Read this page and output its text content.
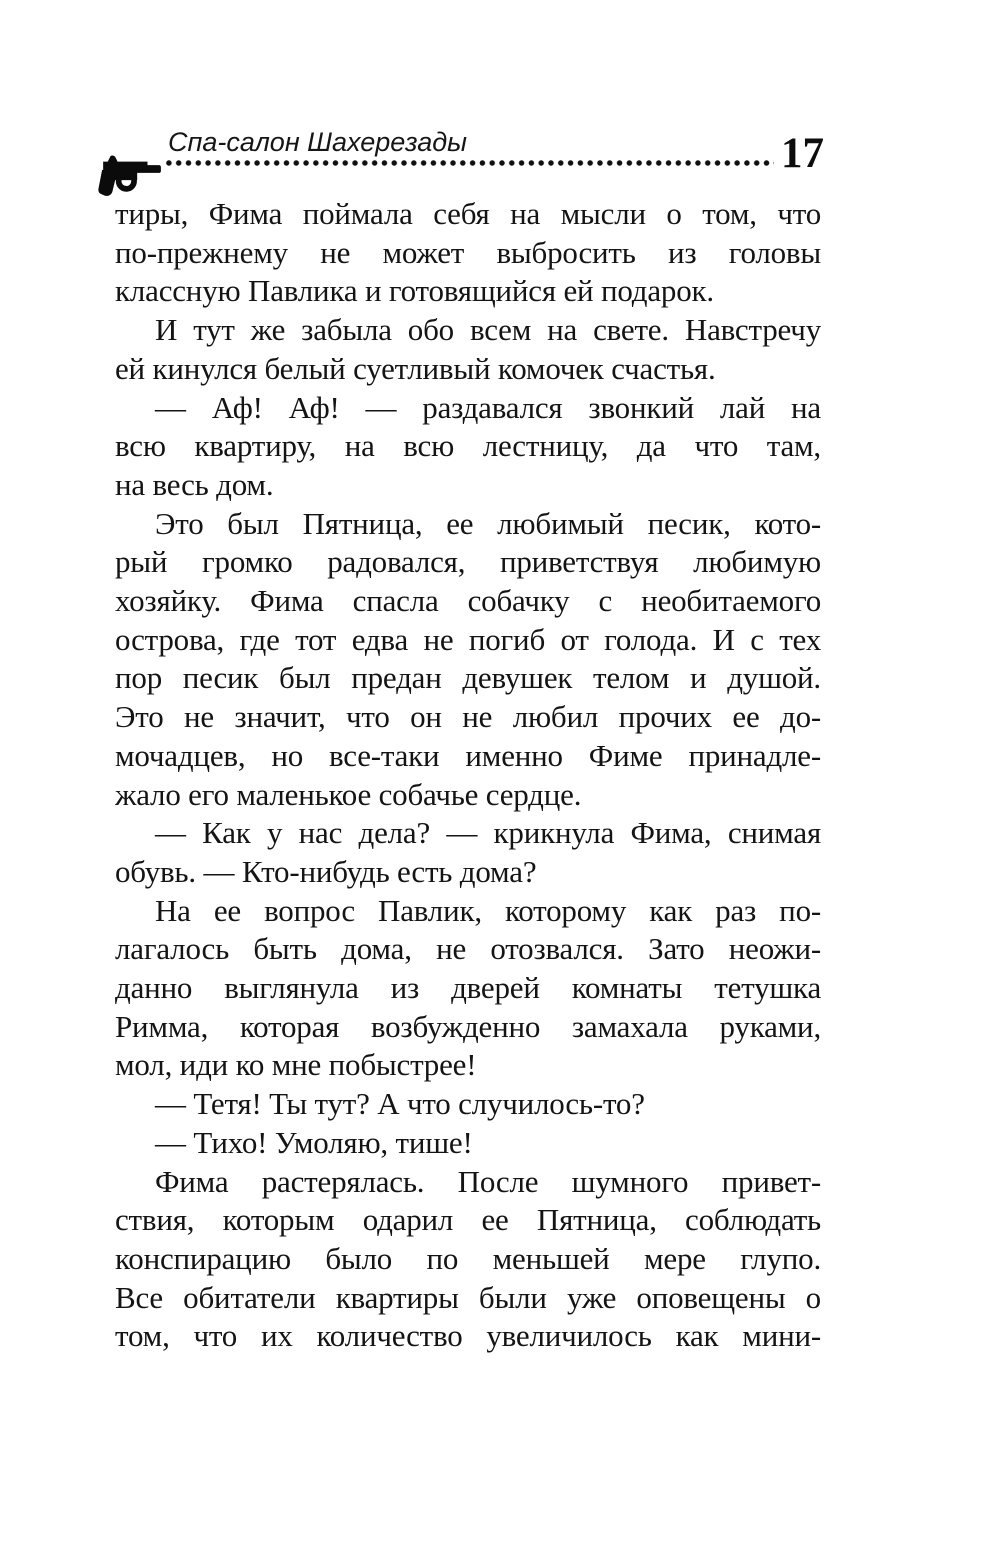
Спа-салон Шахерезады	17
тиры, Фима поймала себя на мысли о том, что
по-прежнему не может выбросить из головы
классную Павлика и готовящийся ей подарок.
И тут же забыла обо всем на свете. Навстречу
ей кинулся белый суетливый комочек счастья.
— Аф! Аф! — раздавался звонкий лай на
всю квартиру, на всю лестницу, да что там,
на весь дом.
Это был Пятница, ее любимый песик, кото-
рый громко радовался, приветствуя любимую
хозяйку. Фима спасла собачку с необитаемого
острова, где тот едва не погиб от голода. И с тех
пор песик был предан девушек телом и душой.
Это не значит, что он не любил прочих ее до-
мочадцев, но все-таки именно Фиме принадле-
жало его маленькое собачье сердце.
— Как у нас дела? — крикнула Фима, снимая
обувь. — Кто-нибудь есть дома?
На ее вопрос Павлик, которому как раз по-
лагалось быть дома, не отозвался. Зато неожи-
данно выглянула из дверей комнаты тетушка
Римма, которая возбужденно замахала руками,
мол, иди ко мне побыстрее!
— Тетя! Ты тут? А что случилось-то?
— Тихо! Умоляю, тише!
Фима растерялась. После шумного привет-
ствия, которым одарил ее Пятница, соблюдать
конспирацию было по меньшей мере глупо.
Все обитатели квартиры были уже оповещены о
том, что их количество увеличилось как мини-
